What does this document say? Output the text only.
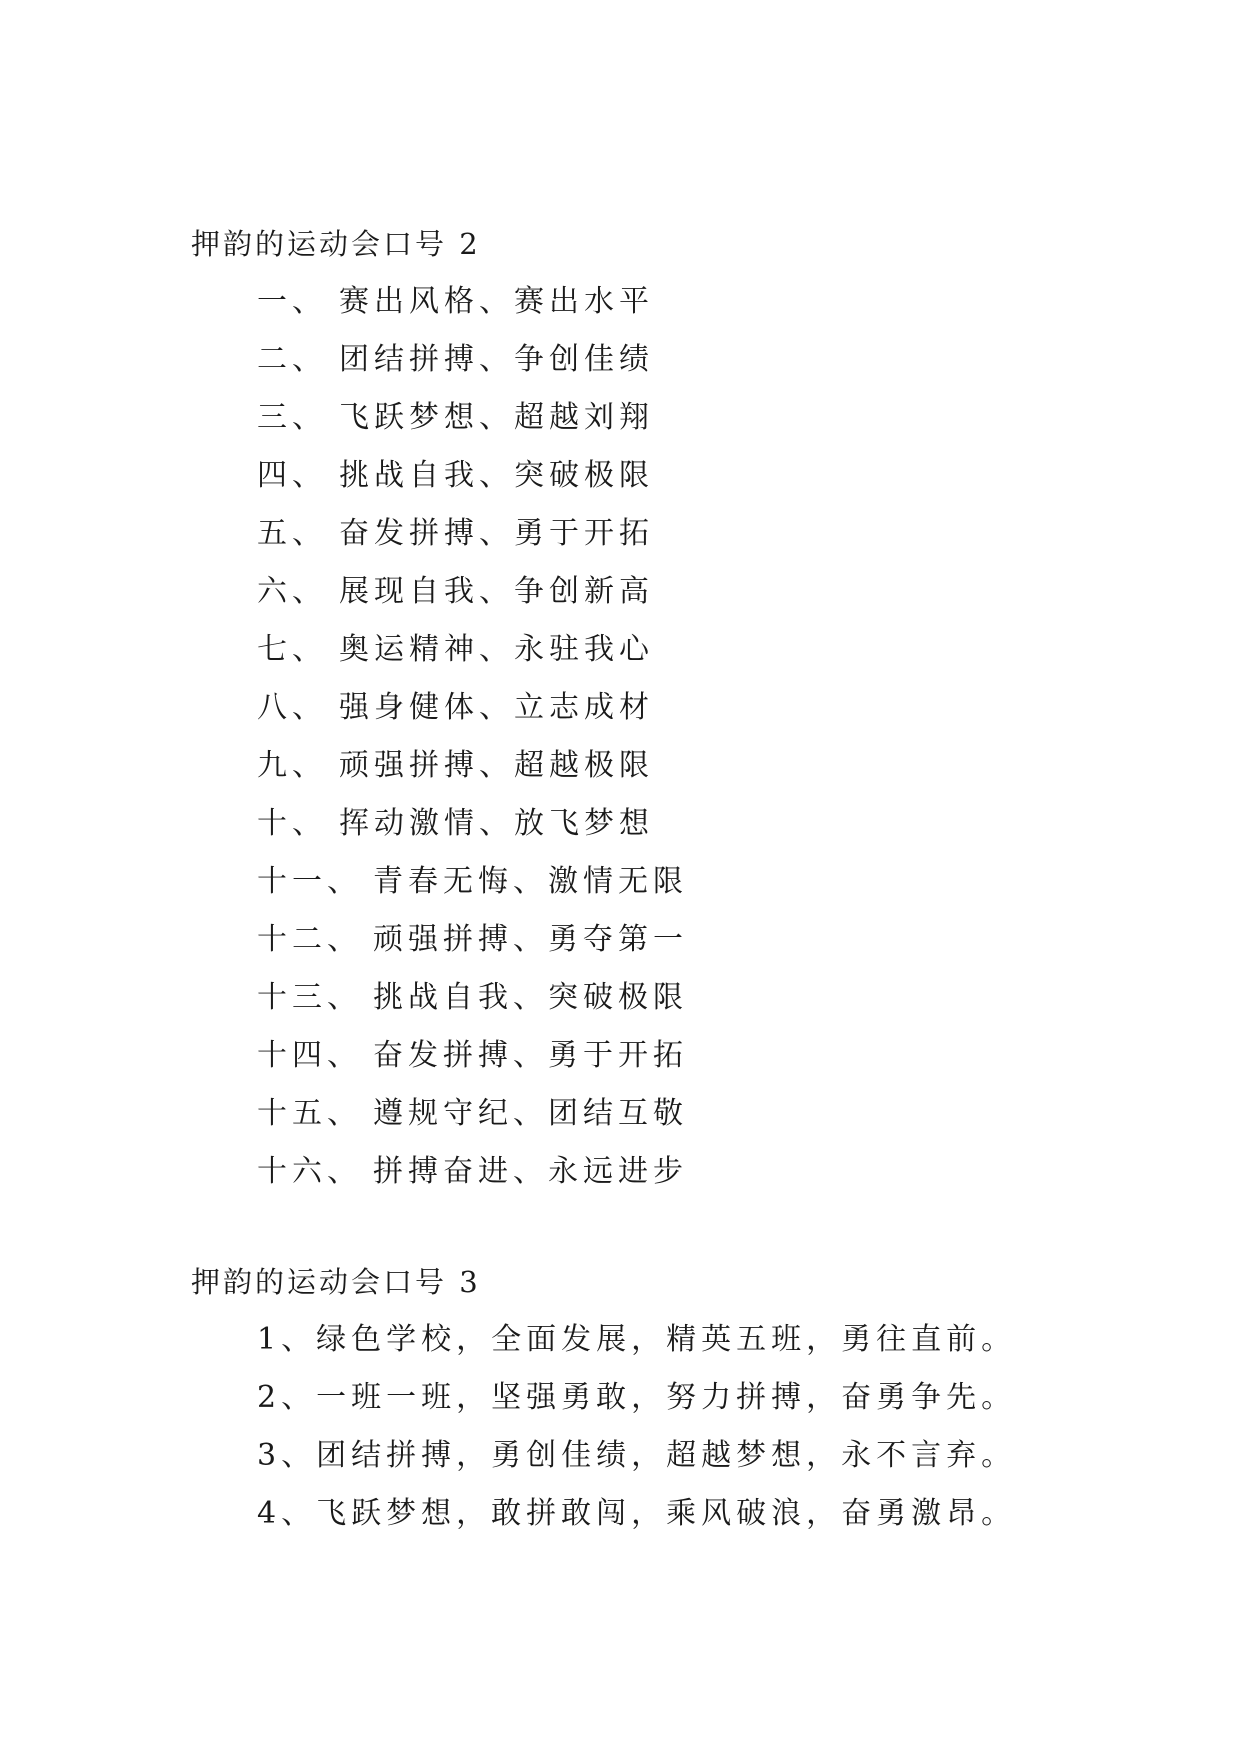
押韵的运动会口号 2
一、 赛出风格、赛出水平
二、 团结拼搏、争创佳绩
三、 飞跃梦想、超越刘翔
四、 挑战自我、突破极限
五、 奋发拼搏、勇于开拓
六、 展现自我、争创新高
七、 奥运精神、永驻我心
八、 强身健体、立志成材
九、 顽强拼搏、超越极限
十、 挥动激情、放飞梦想
十一、 青春无悔、激情无限
十二、 顽强拼搏、勇夺第一
十三、 挑战自我、突破极限
十四、 奋发拼搏、勇于开拓
十五、 遵规守纪、团结互敬
十六、 拼搏奋进、永远进步
押韵的运动会口号 3
1、绿色学校，全面发展，精英五班，勇往直前。
2、一班一班，坚强勇敢，努力拼搏，奋勇争先。
3、团结拼搏，勇创佳绩，超越梦想，永不言弃。
4、飞跃梦想，敢拼敢闯，乘风破浪，奋勇激昂。
